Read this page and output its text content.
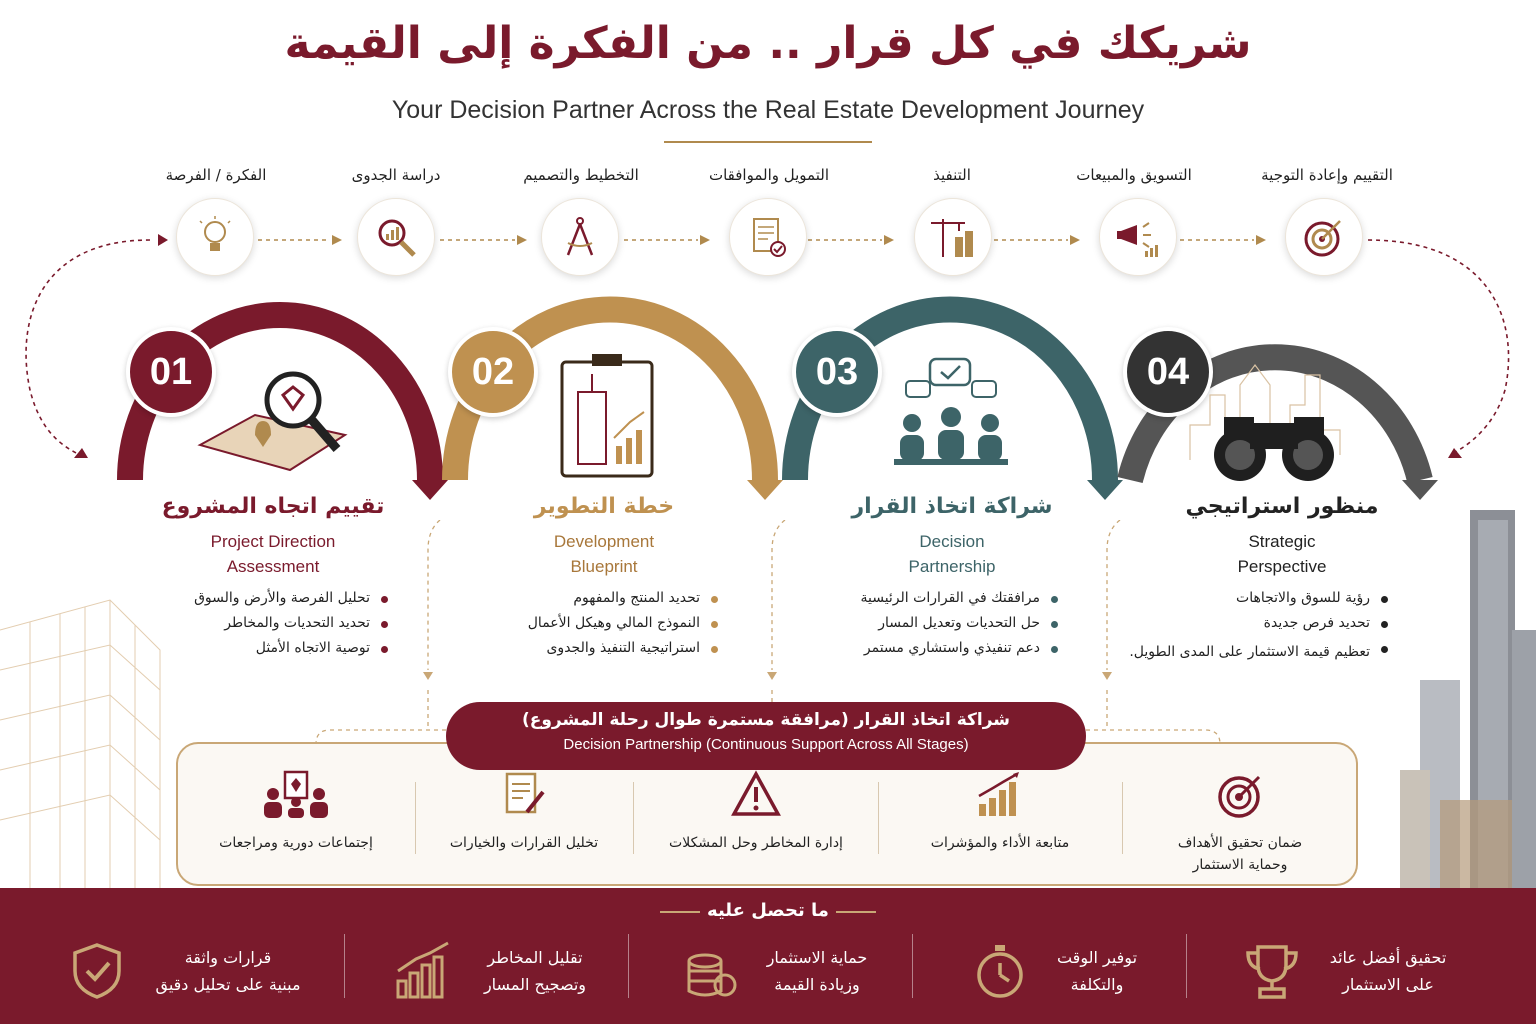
شريكك في كل قرار .. من الفكرة إلى القيمة
Your Decision Partner Across the Real Estate Development Journey
الفكرة / الفرصة	دراسة الجدوى	التخطيط والتصميم	التمويل والموافقات	التنفيذ	التسويق والمبيعات	التقييم وإعادة التوجية
01	02	03	04
تقييم اتجاه المشروع
Project Direction
Assessment
خطة التطوير
Development
Blueprint
شراكة اتخاذ القرار
Decision
Partnership
منظور استراتيجي
Strategic
Perspective
تحليل الفرصة والأرض والسوق
تحديد التحديات والمخاطر
توصية الاتجاه الأمثل
تحديد المنتج والمفهوم
النموذج المالي وهيكل الأعمال
استراتيجية التنفيذ والجدوى
مرافقتك في القرارات الرئيسية
حل التحديات وتعديل المسار
دعم تنفيذي واستشاري مستمر
رؤية للسوق والاتجاهات
تحديد فرص جديدة
تعظيم قيمة الاستثمار على المدى الطويل.
شراكة اتخاذ القرار (مرافقة مستمرة طوال رحلة المشروع)
Decision Partnership (Continuous Support Across All Stages)
إجتماعات دورية ومراجعات	تخليل القرارات والخيارات	إدارة المخاطر وحل المشكلات	متابعة الأداء والمؤشرات	ضمان تحقيق الأهداف
وحماية الاستثمار
ما تحصل عليه
قرارات واثقة
مبنية على تحليل دقيق
تقليل المخاطر
وتصجيح المسار
حماية الاستثمار
وزيادة القيمة
توفير الوقت
والتكلفة
تحقيق أفضل عائد
على الاستثمار
